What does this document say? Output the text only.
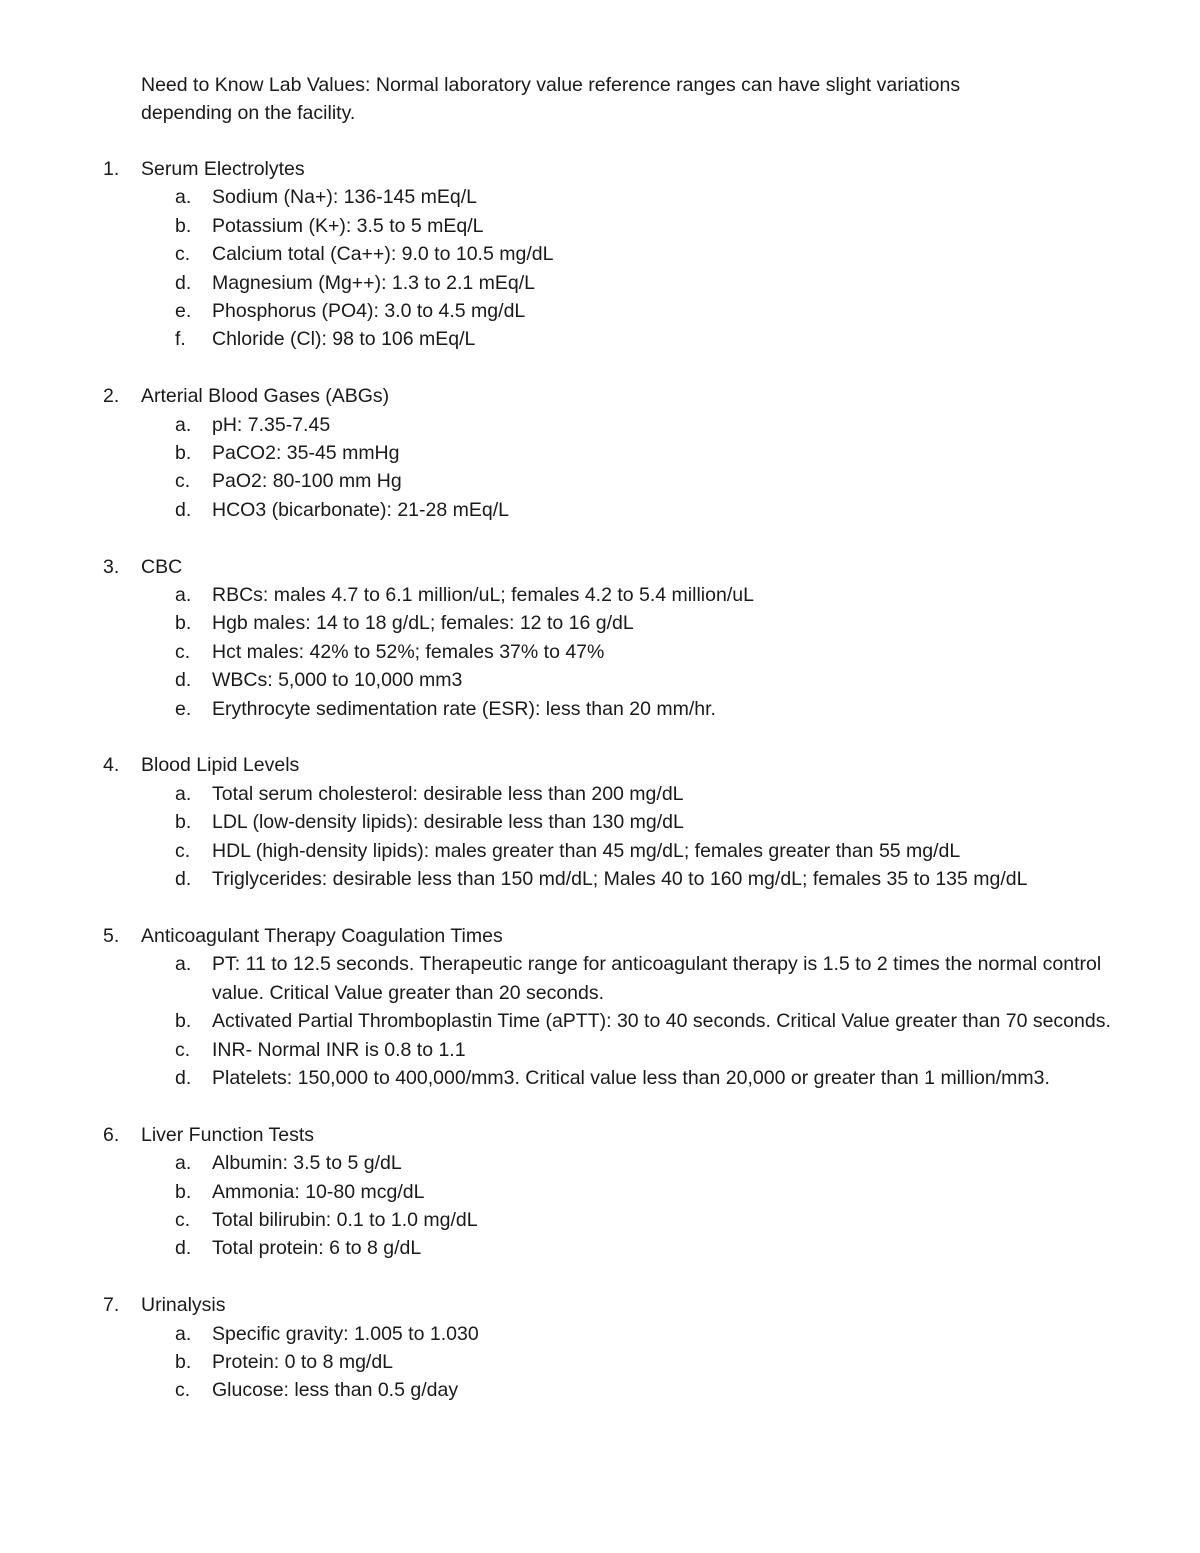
Need to Know Lab Values: Normal laboratory value reference ranges can have slight variations
depending on the facility.

1.	Serum Electrolytes

a.	Sodium (Na+): 136-145 mEq/L
b.	Potassium (K+): 3.5 to 5 mEq/L
c.	Calcium total (Ca++): 9.0 to 10.5 mg/dL
d.	Magnesium (Mg++): 1.3 to 2.1 mEq/L
e.	Phosphorus (PO4): 3.0 to 4.5 mg/dL
f.	Chloride (Cl): 98 to 106 mEq/L

2.	Arterial Blood Gases (ABGs)

a.	pH: 7.35-7.45
b.	PaCO2: 35-45 mmHg
c.	PaO2: 80-100 mm Hg
d.	HCO3 (bicarbonate): 21-28 mEq/L

3.	CBC

a.	RBCs: males 4.7 to 6.1 million/uL; females 4.2 to 5.4 million/uL
b.	Hgb males: 14 to 18 g/dL; females: 12 to 16 g/dL
c.	Hct males: 42% to 52%; females 37% to 47%
d.	WBCs: 5,000 to 10,000 mm3
e.	Erythrocyte sedimentation rate (ESR): less than 20 mm/hr.

4.	Blood Lipid Levels

a.	Total serum cholesterol: desirable less than 200 mg/dL
b.	LDL (low-density lipids): desirable less than 130 mg/dL
c.	HDL (high-density lipids): males greater than 45 mg/dL; females greater than 55 mg/dL
d.	Triglycerides: desirable less than 150 md/dL; Males 40 to 160 mg/dL; females 35 to 135 mg/dL

5.	Anticoagulant Therapy Coagulation Times

a.	PT: 11 to 12.5 seconds. Therapeutic range for anticoagulant therapy is 1.5 to 2 times the normal control value. Critical Value greater than 20 seconds.
b.	Activated Partial Thromboplastin Time (aPTT): 30 to 40 seconds. Critical Value greater than 70 seconds.
c.	INR- Normal INR is 0.8 to 1.1
d.	Platelets: 150,000 to 400,000/mm3. Critical value less than 20,000 or greater than 1 million/mm3.

6.	Liver Function Tests

a.	Albumin: 3.5 to 5 g/dL
b.	Ammonia: 10-80 mcg/dL
c.	Total bilirubin: 0.1 to 1.0 mg/dL
d.	Total protein: 6 to 8 g/dL

7.	Urinalysis

a.	Specific gravity: 1.005 to 1.030
b.	Protein: 0 to 8 mg/dL
c.	Glucose: less than 0.5 g/day
